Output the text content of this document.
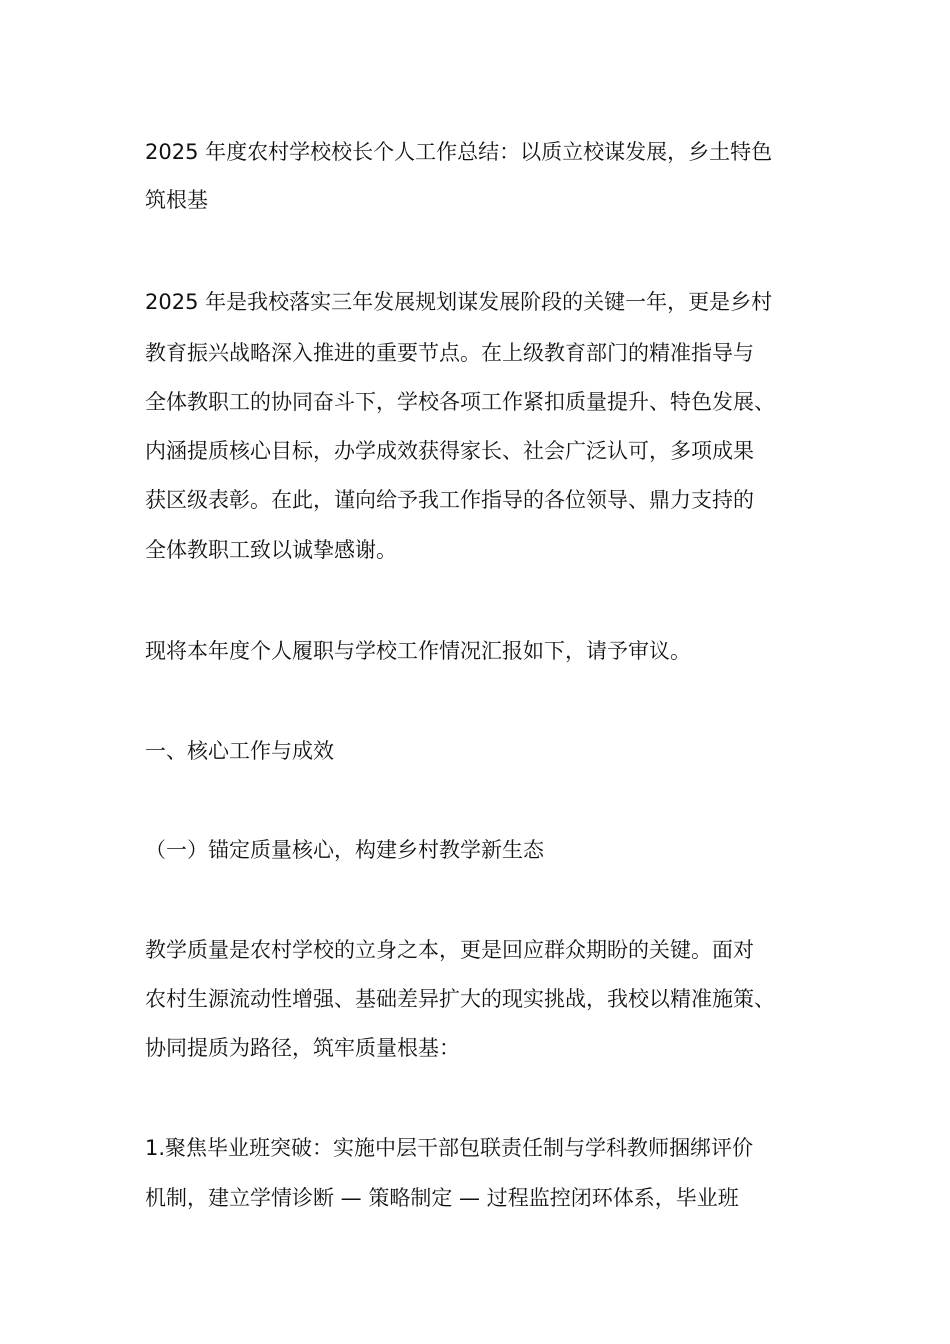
2025 年度农村学校校长个人工作总结：以质立校谋发展，乡土特色
筑根基
2025 年是我校落实三年发展规划谋发展阶段的关键一年，更是乡村
教育振兴战略深入推进的重要节点。在上级教育部门的精准指导与
全体教职工的协同奋斗下，学校各项工作紧扣质量提升、特色发展、
内涵提质核心目标，办学成效获得家长、社会广泛认可，多项成果
获区级表彰。在此，谨向给予我工作指导的各位领导、鼎力支持的
全体教职工致以诚挚感谢。
现将本年度个人履职与学校工作情况汇报如下，请予审议。
一、核心工作与成效
（一）锚定质量核心，构建乡村教学新生态
教学质量是农村学校的立身之本，更是回应群众期盼的关键。面对
农村生源流动性增强、基础差异扩大的现实挑战，我校以精准施策、
协同提质为路径，筑牢质量根基：
1.聚焦毕业班突破：实施中层干部包联责任制与学科教师捆绑评价
机制，建立学情诊断 — 策略制定 — 过程监控闭环体系，毕业班
